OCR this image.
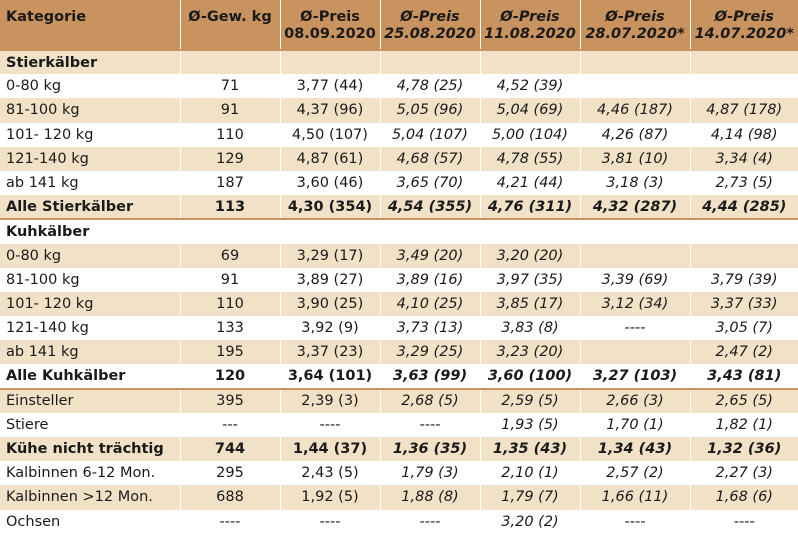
Kategorie	Ø-Gew. kg	Ø-Preis 08.09.2020	Ø-Preis 25.08.2020	Ø-Preis 11.08.2020	Ø-Preis 28.07.2020*	Ø-Preis 14.07.2020*
Stierkälber						
0-80 kg	71	3,77 (44)	4,78 (25)	4,52 (39)		
81-100 kg	91	4,37 (96)	5,05 (96)	5,04 (69)	4,46 (187)	4,87 (178)
101- 120 kg	110	4,50 (107)	5,04 (107)	5,00 (104)	4,26 (87)	4,14 (98)
121-140 kg	129	4,87 (61)	4,68 (57)	4,78 (55)	3,81 (10)	3,34 (4)
ab 141 kg	187	3,60 (46)	3,65 (70)	4,21 (44)	3,18 (3)	2,73 (5)
Alle Stierkälber	113	4,30 (354)	4,54 (355)	4,76 (311)	4,32 (287)	4,44 (285)
Kuhkälber						
0-80 kg	69	3,29 (17)	3,49 (20)	3,20 (20)		
81-100 kg	91	3,89 (27)	3,89 (16)	3,97 (35)	3,39 (69)	3,79 (39)
101- 120 kg	110	3,90 (25)	4,10 (25)	3,85 (17)	3,12 (34)	3,37 (33)
121-140 kg	133	3,92 (9)	3,73 (13)	3,83 (8)	----	3,05 (7)
ab 141 kg	195	3,37 (23)	3,29 (25)	3,23 (20)		2,47 (2)
Alle Kuhkälber	120	3,64 (101)	3,63 (99)	3,60 (100)	3,27 (103)	3,43 (81)
Einsteller	395	2,39 (3)	2,68 (5)	2,59 (5)	2,66 (3)	2,65 (5)
Stiere	---	----	----	1,93 (5)	1,70 (1)	1,82 (1)
Kühe nicht trächtig	744	1,44 (37)	1,36 (35)	1,35 (43)	1,34 (43)	1,32 (36)
Kalbinnen 6-12 Mon.	295	2,43 (5)	1,79 (3)	2,10 (1)	2,57 (2)	2,27 (3)
Kalbinnen >12 Mon.	688	1,92 (5)	1,88 (8)	1,79 (7)	1,66 (11)	1,68 (6)
Ochsen	----	----	----	3,20 (2)	----	----
